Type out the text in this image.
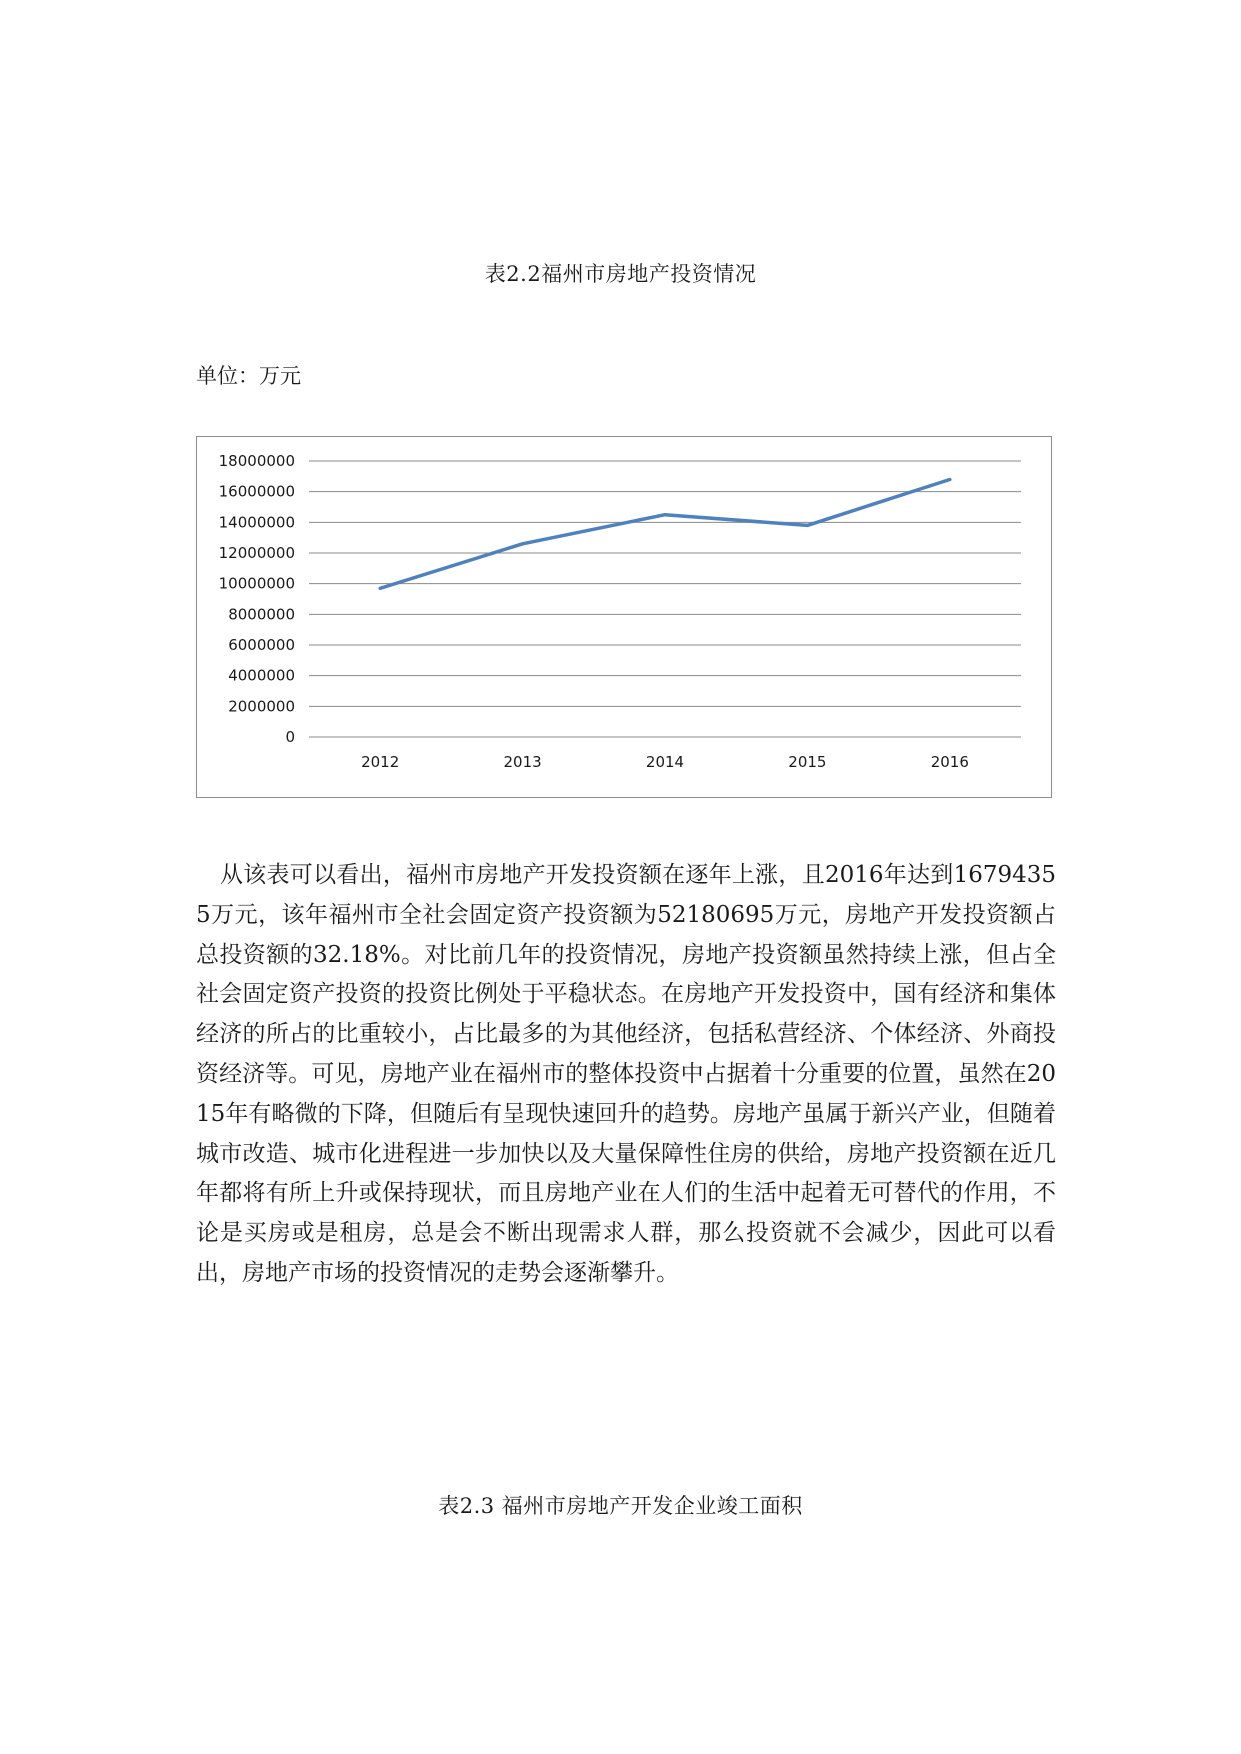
表2.2福州市房地产投资情况

单位：万元

0
2000000
4000000
6000000
8000000
10000000
12000000
14000000
16000000
18000000
2012	2013	2014	2015	2016

从该表可以看出，福州市房地产开发投资额在逐年上涨，且2016年达到16794355万元，该年福州市全社会固定资产投资额为52180695万元，房地产开发投资额占总投资额的32.18%。对比前几年的投资情况，房地产投资额虽然持续上涨，但占全社会固定资产投资的投资比例处于平稳状态。在房地产开发投资中，国有经济和集体经济的所占的比重较小，占比最多的为其他经济，包括私营经济、个体经济、外商投资经济等。可见，房地产业在福州市的整体投资中占据着十分重要的位置，虽然在2015年有略微的下降，但随后有呈现快速回升的趋势。房地产虽属于新兴产业，但随着城市改造、城市化进程进一步加快以及大量保障性住房的供给，房地产投资额在近几年都将有所上升或保持现状，而且房地产业在人们的生活中起着无可替代的作用，不论是买房或是租房，总是会不断出现需求人群，那么投资就不会减少，因此可以看出，房地产市场的投资情况的走势会逐渐攀升。

表2.3 福州市房地产开发企业竣工面积
